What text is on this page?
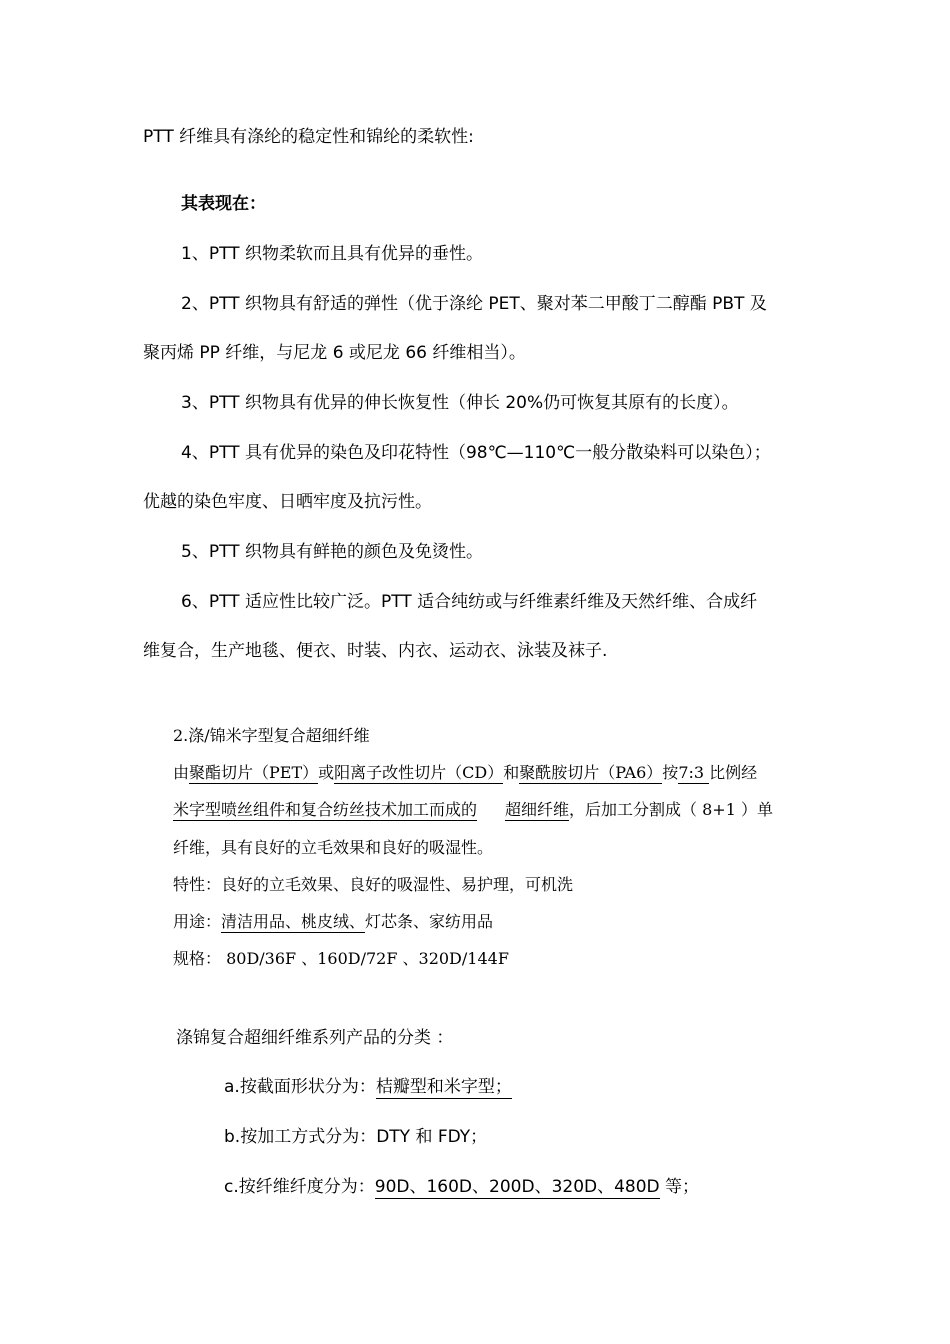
PTT 纤维具有涤纶的稳定性和锦纶的柔软性:
其表现在：
1、PTT 织物柔软而且具有优异的垂性。
2、PTT 织物具有舒适的弹性（优于涤纶 PET、聚对苯二甲酸丁二醇酯 PBT 及
聚丙烯 PP 纤维，与尼龙 6 或尼龙 66 纤维相当）。
3、PTT 织物具有优异的伸长恢复性（伸长 20%仍可恢复其原有的长度）。
4、PTT 具有优异的染色及印花特性（98℃—110℃一般分散染料可以染色）；
优越的染色牢度、日晒牢度及抗污性。
5、PTT 织物具有鲜艳的颜色及免烫性。
6、PTT 适应性比较广泛。PTT 适合纯纺或与纤维素纤维及天然纤维、合成纤
维复合，生产地毯、便衣、时装、内衣、运动衣、泳装及袜子.
2.涤/锦米字型复合超细纤维
由聚酯切片（PET）或阳离子改性切片（CD）和聚酰胺切片（PA6）按7:3 比例经
米字型喷丝组件和复合纺丝技术加工而成的 超细纤维，后加工分割成（ 8+1 ）单
纤维，具有良好的立毛效果和良好的吸湿性。
特性：良好的立毛效果、良好的吸湿性、易护理，可机洗
用途：清洁用品、桃皮绒、灯芯条、家纺用品
规格： 80D/36F 、160D/72F 、320D/144F
涤锦复合超细纤维系列产品的分类 ：
a.按截面形状分为：桔瓣型和米字型；
b.按加工方式分为：DTY 和 FDY；
c.按纤维纤度分为：90D、160D、200D、320D、480D 等；
